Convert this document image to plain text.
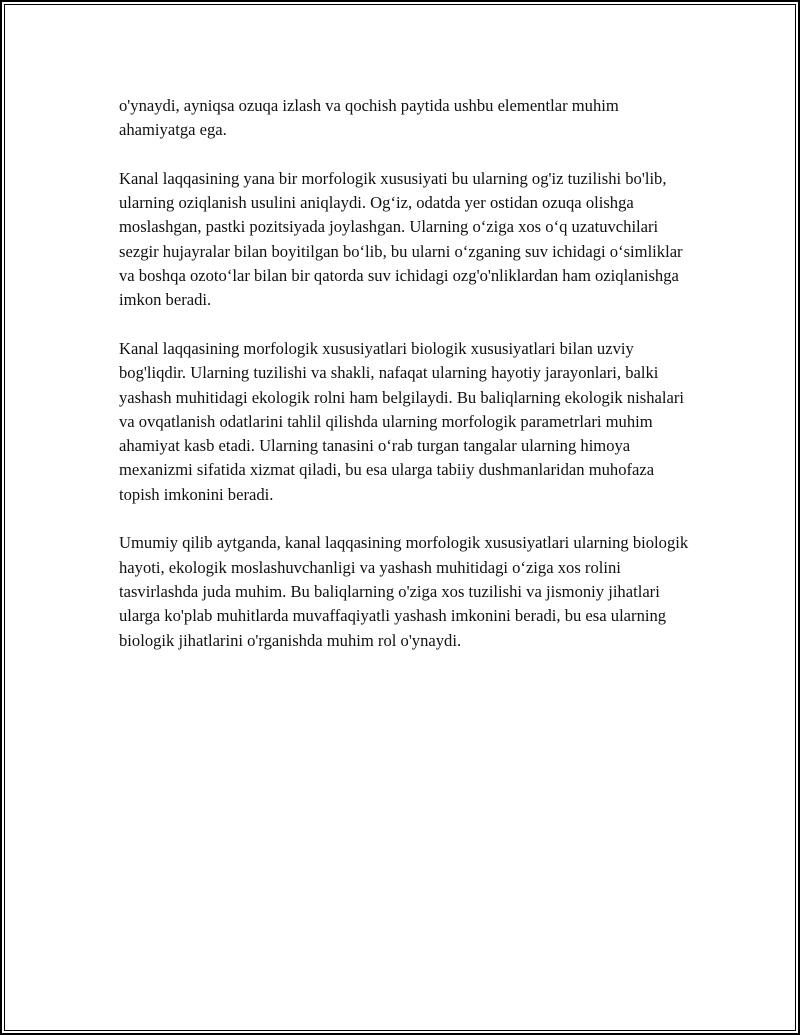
o'ynaydi, ayniqsa ozuqa izlash va qochish paytida ushbu elementlar muhim ahamiyatga ega.

Kanal laqqasining yana bir morfologik xususiyati bu ularning og'iz tuzilishi bo'lib, ularning oziqlanish usulini aniqlaydi. Og‘iz, odatda yer ostidan ozuqa olishga moslashgan, pastki pozitsiyada joylashgan. Ularning o‘ziga xos o‘q uzatuvchilari sezgir hujayralar bilan boyitilgan bo‘lib, bu ularni o‘zganing suv ichidagi o‘simliklar va boshqa ozoto‘lar bilan bir qatorda suv ichidagi ozg'o'nliklardan ham oziqlanishga imkon beradi.

Kanal laqqasining morfologik xususiyatlari biologik xususiyatlari bilan uzviy bog'liqdir. Ularning tuzilishi va shakli, nafaqat ularning hayotiy jarayonlari, balki yashash muhitidagi ekologik rolni ham belgilaydi. Bu baliqlarning ekologik nishalari va ovqatlanish odatlarini tahlil qilishda ularning morfologik parametrlari muhim ahamiyat kasb etadi. Ularning tanasini o‘rab turgan tangalar ularning himoya mexanizmi sifatida xizmat qiladi, bu esa ularga tabiiy dushmanlaridan muhofaza topish imkonini beradi.

Umumiy qilib aytganda, kanal laqqasining morfologik xususiyatlari ularning biologik hayoti, ekologik moslashuvchanligi va yashash muhitidagi o‘ziga xos rolini tasvirlashda juda muhim. Bu baliqlarning o'ziga xos tuzilishi va jismoniy jihatlari ularga ko'plab muhitlarda muvaffaqiyatli yashash imkonini beradi, bu esa ularning biologik jihatlarini o'rganishda muhim rol o'ynaydi.
